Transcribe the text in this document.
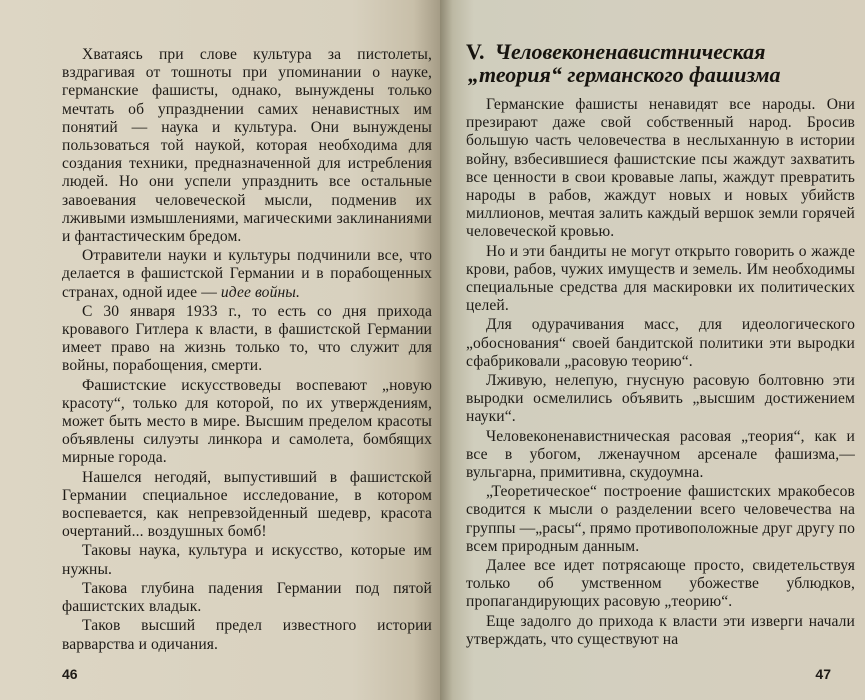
Хватаясь при слове культура за пистолеты, вздрагивая от тошноты при упоминании о науке, германские фашисты, однако, вынуждены только мечтать об упразднении самих ненавистных им понятий — наука и культура. Они вынуждены пользоваться той наукой, которая необходима для создания техники, предназначенной для истребления людей. Но они успели упразднить все остальные завоевания человеческой мысли, подменив их лживыми измышлениями, магическими заклинаниями и фантастическим бредом.

Отравители науки и культуры подчинили все, что делается в фашистской Германии и в порабощенных странах, одной идее — идее войны.

С 30 января 1933 г., то есть со дня прихода кровавого Гитлера к власти, в фашистской Германии имеет право на жизнь только то, что служит для войны, порабощения, смерти.

Фашистские искусствоведы воспевают „новую красоту“, только для которой, по их утверждениям, может быть место в мире. Высшим пределом красоты объявлены силуэты линкора и самолета, бомбящих мирные города.

Нашелся негодяй, выпустивший в фашистской Германии специальное исследование, в котором воспевается, как непревзойденный шедевр, красота очертаний... воздушных бомб!

Таковы наука, культура и искусство, которые им нужны.

Такова глубина падения Германии под пятой фашистских владык.

Таков высший предел известного истории варварства и одичания.

46
V. Человеконенавистническая
„теория“ германского фашизма

Германские фашисты ненавидят все народы. Они презирают даже свой собственный народ. Бросив большую часть человечества в неслыханную в истории войну, взбесившиеся фашистские псы жаждут захватить все ценности в свои кровавые лапы, жаждут превратить народы в рабов, жаждут новых и новых убийств миллионов, мечтая залить каждый вершок земли горячей человеческой кровью.

Но и эти бандиты не могут открыто говорить о жажде крови, рабов, чужих имуществ и земель. Им необходимы специальные средства для маскировки их политических целей.

Для одурачивания масс, для идеологического „обоснования“ своей бандитской политики эти выродки сфабриковали „расовую теорию“.

Лживую, нелепую, гнусную расовую болтовню эти выродки осмелились объявить „высшим достижением науки“.

Человеконенавистническая расовая „теория“, как и все в убогом, лженаучном арсенале фашизма,— вульгарна, примитивна, скудоумна.

„Теоретическое“ построение фашистских мракобесов сводится к мысли о разделении всего человечества на группы —„расы“, прямо противоположные друг другу по всем природным данным.

Далее все идет потрясающе просто, свидетельствуя только об умственном убожестве ублюдков, пропагандирующих расовую „теорию“.

Еще задолго до прихода к власти эти изверги начали утверждать, что существуют на

47
